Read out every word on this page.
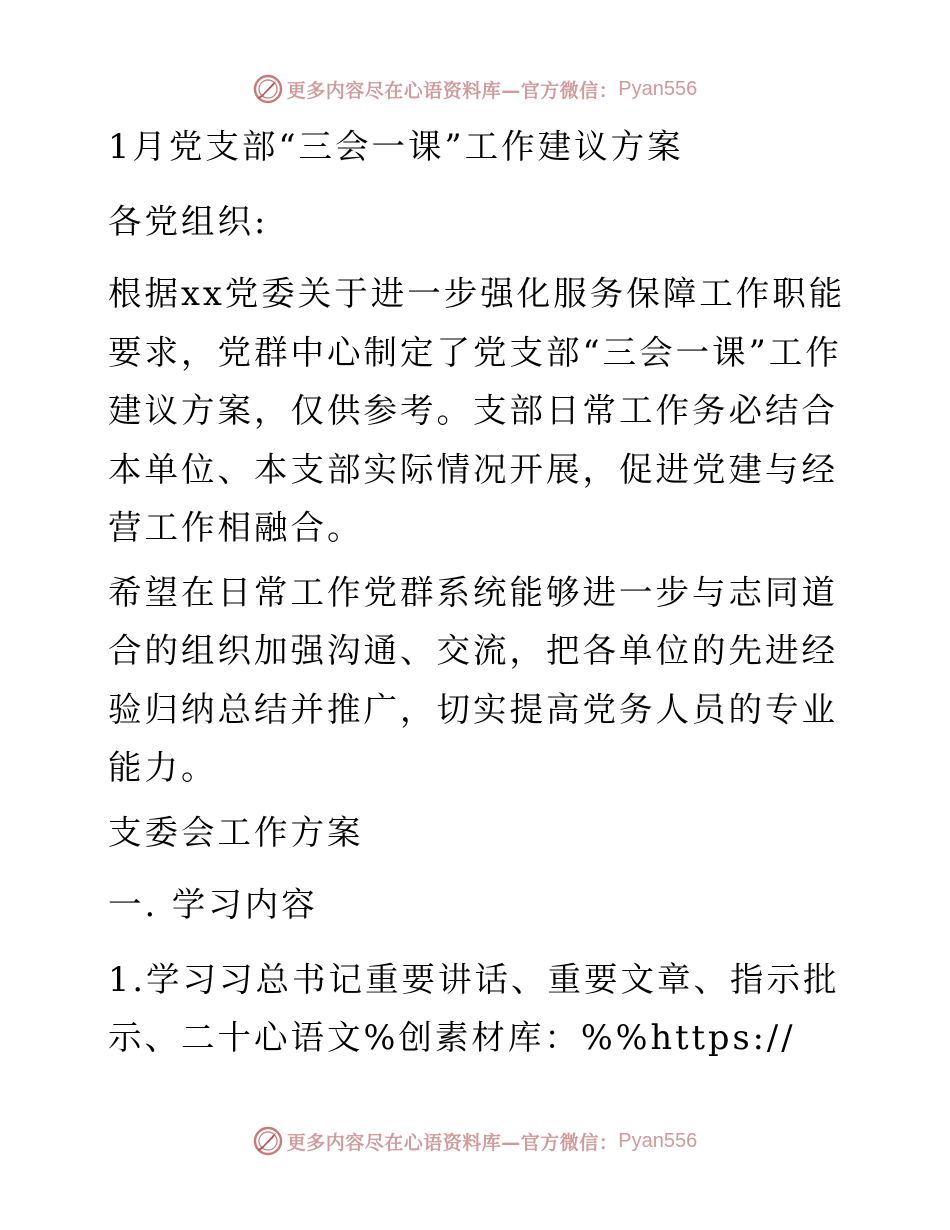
更多内容尽在心语资料库—官方微信： Pyan556

1月党支部“三会一课”工作建议方案

各党组织:

根据xx党委关于进一步强化服务保障工作职能要求，党群中心制定了党支部“三会一课”工作建议方案，仅供参考。支部日常工作务必结合本单位、本支部实际情况开展，促进党建与经营工作相融合。

希望在日常工作党群系统能够进一步与志同道合的组织加强沟通、交流，把各单位的先进经验归纳总结并推广，切实提高党务人员的专业能力。

支委会工作方案

一. 学习内容

1.学习习总书记重要讲话、重要文章、指示批示、二十心语文%创素材库：%%https://

更多内容尽在心语资料库—官方微信： Pyan556
